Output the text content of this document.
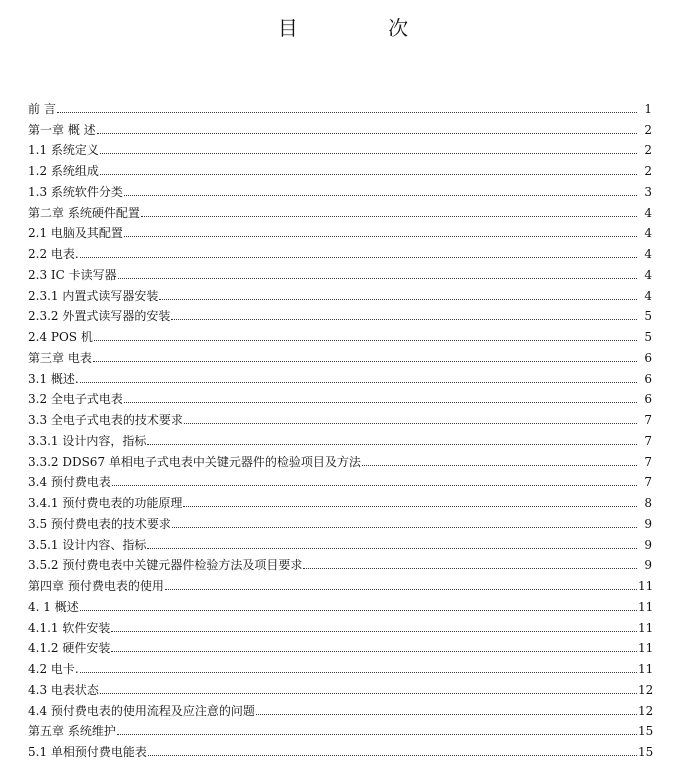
目 次
前 言	1
第一章 概 述	2
1.1 系统定义	2
1.2 系统组成	2
1.3 系统软件分类	3
第二章 系统硬件配置	4
2.1 电脑及其配置	4
2.2 电表.	4
2.3 IC 卡读写器	4
2.3.1 内置式读写器安装	4
2.3.2 外置式读写器的安装	5
2.4 POS 机	5
第三章 电表	6
3.1 概述.	6
3.2 全电子式电表	6
3.3 全电子式电表的技术要求	7
3.3.1 设计内容，指标	7
3.3.2 DDS67 单相电子式电表中关键元器件的检验项目及方法	7
3.4 预付费电表	7
3.4.1 预付费电表的功能原理	8
3.5 预付费电表的技术要求	9
3.5.1 设计内容、指标	9
3.5.2 预付费电表中关键元器件检验方法及项目要求	9
第四章 预付费电表的使用	11
4. 1 概述	11
4.1.1 软件安装	11
4.1.2 硬件安装	11
4.2 电卡.	11
4.3 电表状态	12
4.4 预付费电表的使用流程及应注意的问题	12
第五章 系统维护	15
5.1 单相预付费电能表	15
